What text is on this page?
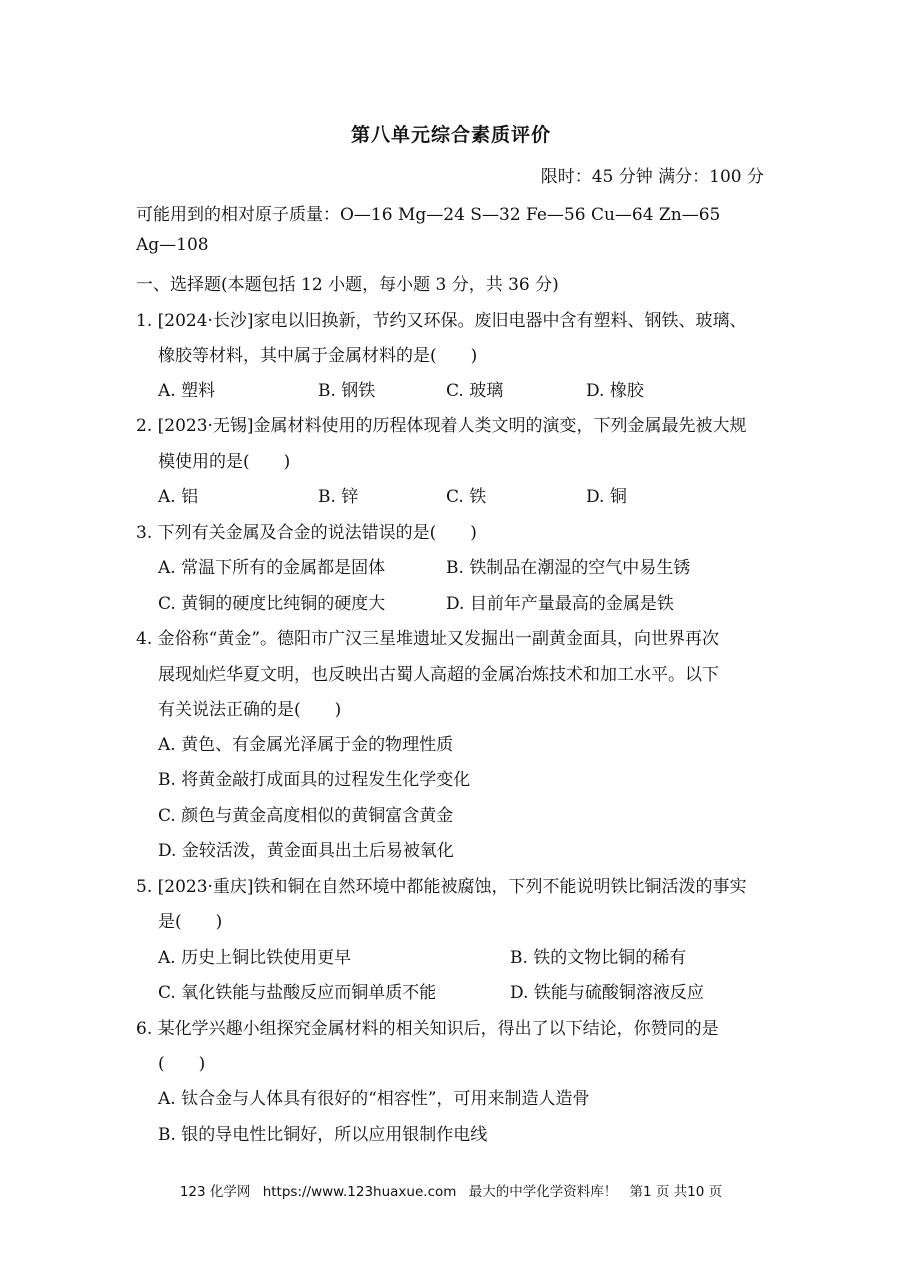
第八单元综合素质评价
限时：45 分钟 满分：100 分
可能用到的相对原子质量：O—16 Mg—24 S—32 Fe—56 Cu—64 Zn—65
Ag—108
一、选择题(本题包括 12 小题，每小题 3 分，共 36 分)
1. [2024·长沙]家电以旧换新，节约又环保。废旧电器中含有塑料、钢铁、玻璃、
橡胶等材料，其中属于金属材料的是(　　)
A. 塑料	B. 钢铁	C. 玻璃	D. 橡胶
2. [2023·无锡]金属材料使用的历程体现着人类文明的演变，下列金属最先被大规
模使用的是(　　)
A. 铝	B. 锌	C. 铁	D. 铜
3. 下列有关金属及合金的说法错误的是(　　)
A. 常温下所有的金属都是固体	B. 铁制品在潮湿的空气中易生锈
C. 黄铜的硬度比纯铜的硬度大	D. 目前年产量最高的金属是铁
4. 金俗称“黄金”。德阳市广汉三星堆遗址又发掘出一副黄金面具，向世界再次
展现灿烂华夏文明，也反映出古蜀人高超的金属冶炼技术和加工水平。以下
有关说法正确的是(　　)
A. 黄色、有金属光泽属于金的物理性质
B. 将黄金敲打成面具的过程发生化学变化
C. 颜色与黄金高度相似的黄铜富含黄金
D. 金较活泼，黄金面具出土后易被氧化
5. [2023·重庆]铁和铜在自然环境中都能被腐蚀，下列不能说明铁比铜活泼的事实
是(　　)
A. 历史上铜比铁使用更早	B. 铁的文物比铜的稀有
C. 氧化铁能与盐酸反应而铜单质不能	D. 铁能与硫酸铜溶液反应
6. 某化学兴趣小组探究金属材料的相关知识后，得出了以下结论，你赞同的是
(　　)
A. 钛合金与人体具有很好的“相容性”，可用来制造人造骨
B. 银的导电性比铜好，所以应用银制作电线
123 化学网 https://www.123huaxue.com 最大的中学化学资料库！ 第1 页 共10 页
